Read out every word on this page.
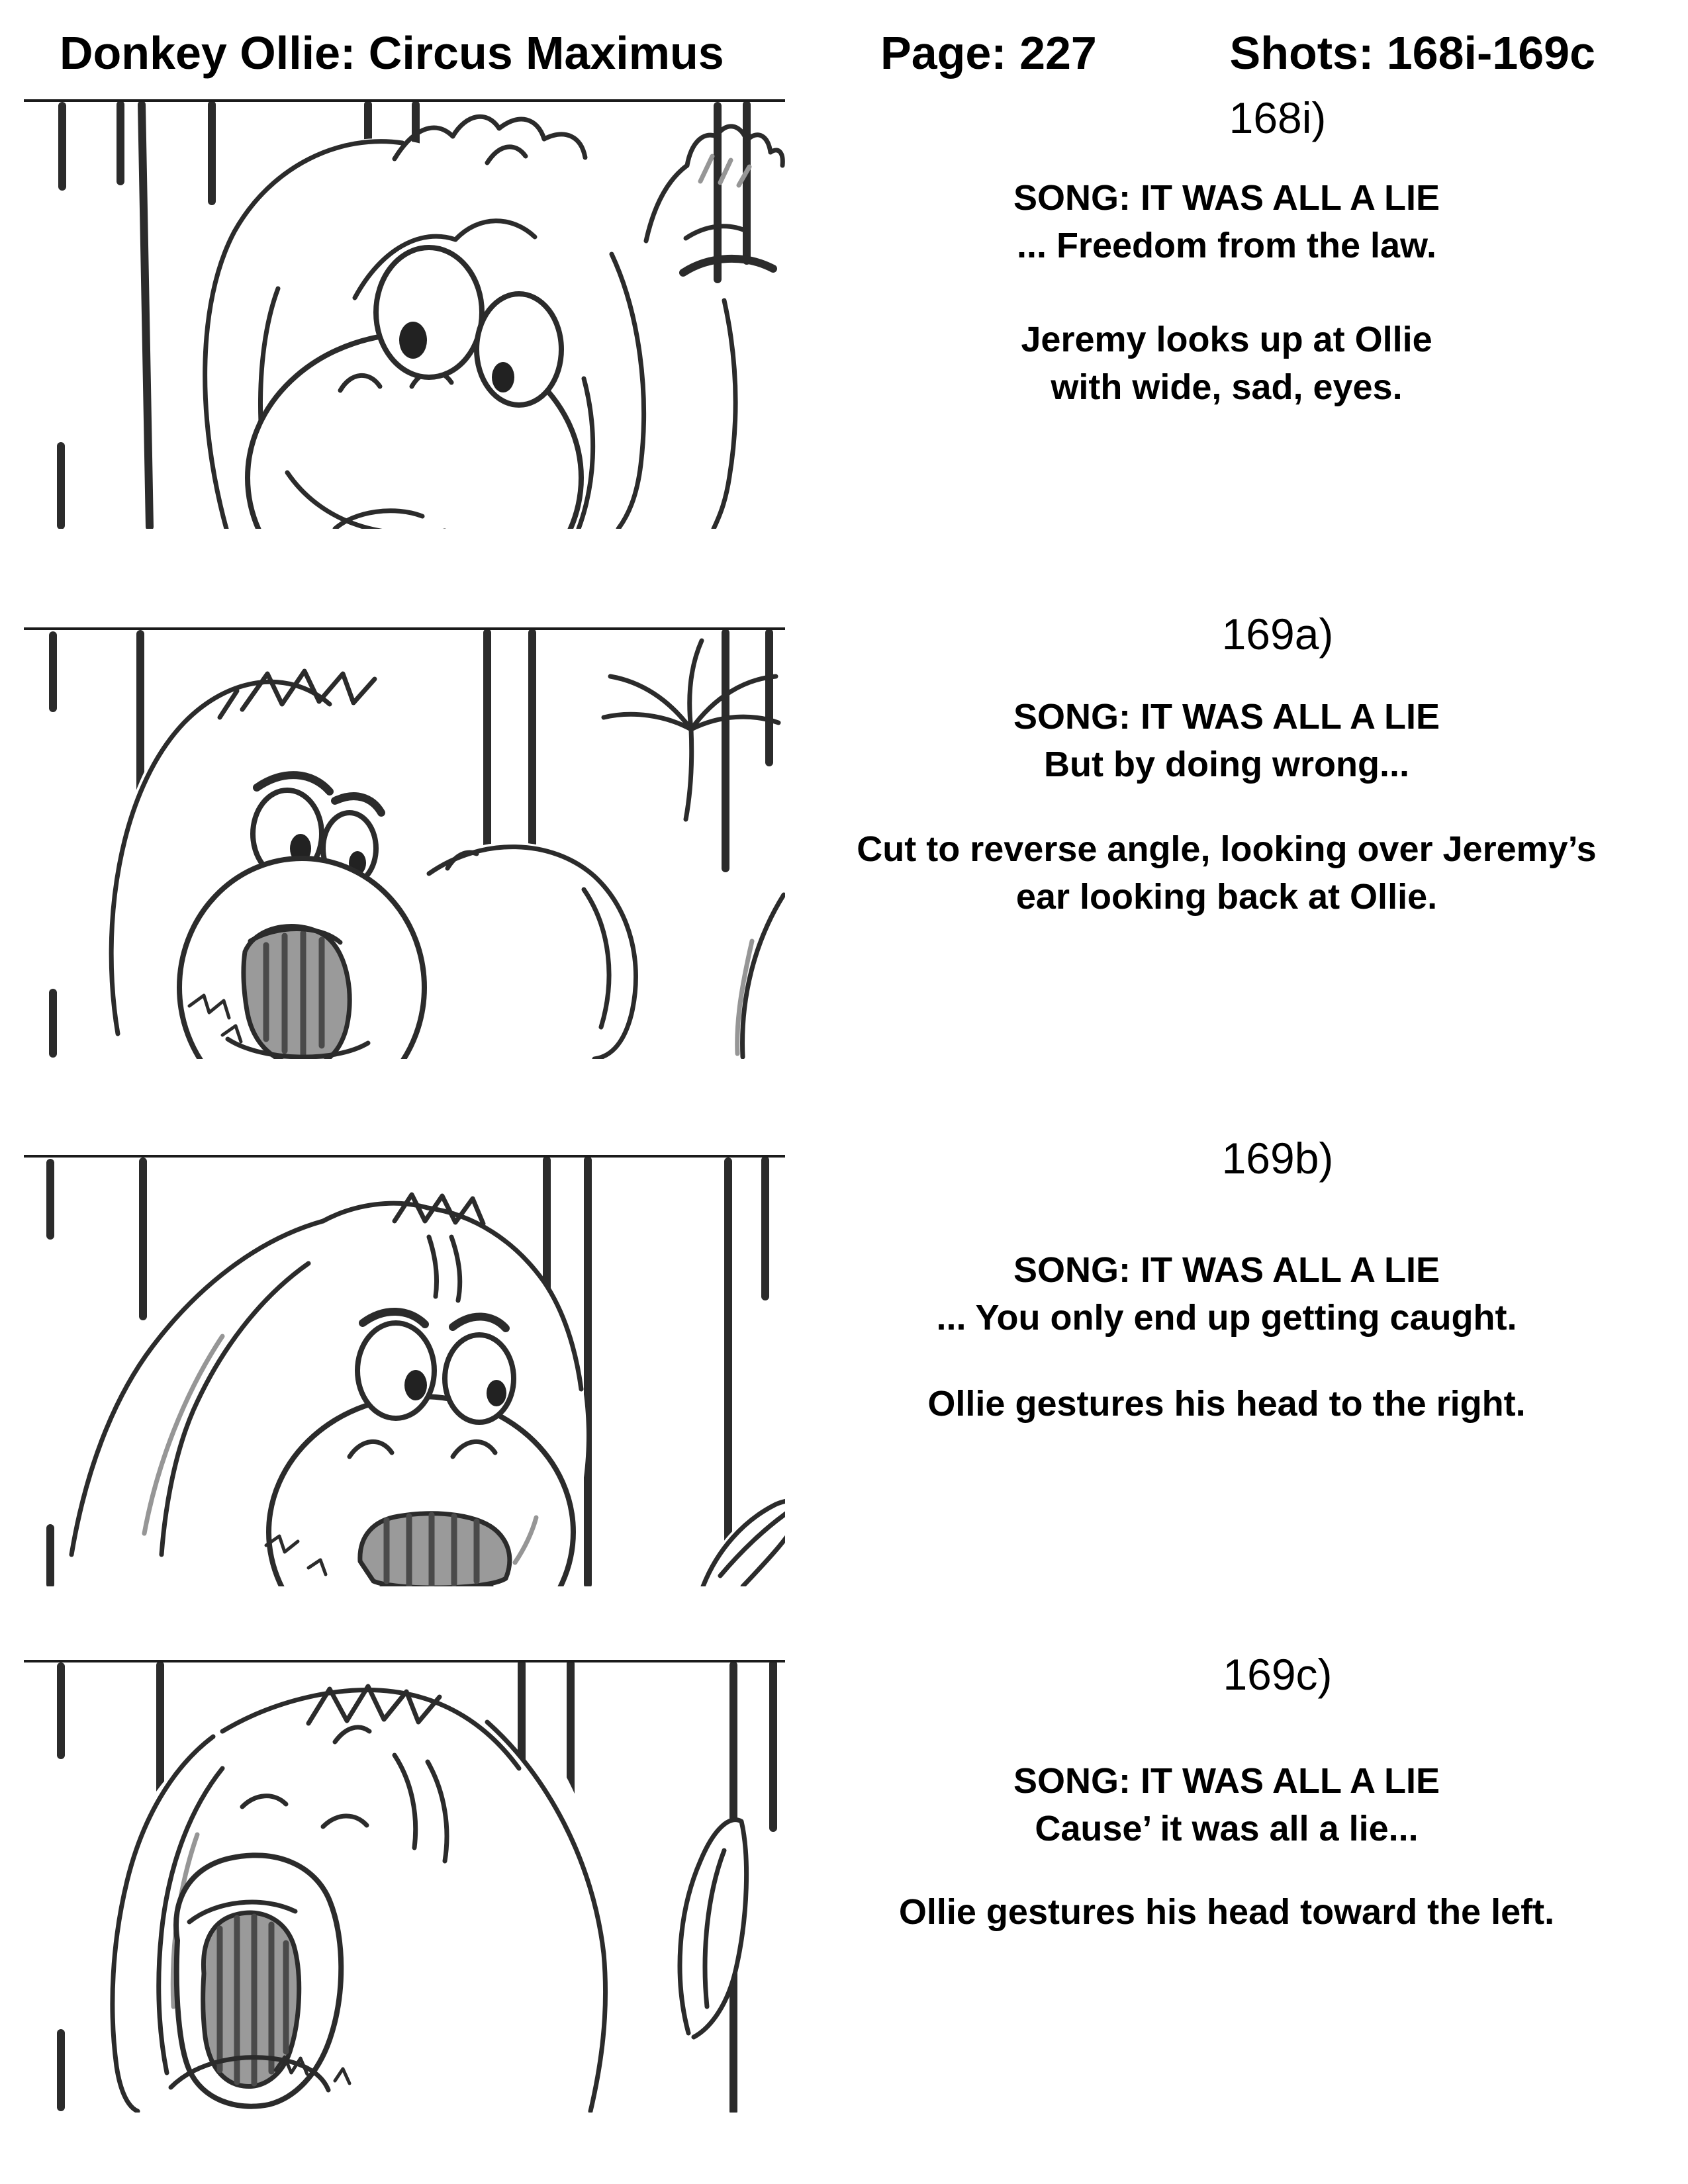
Donkey Ollie: Circus Maximus	Page: 227	Shots: 168i-169c
168i)
SONG: IT WAS ALL A LIE
... Freedom from the law.
Jeremy looks up at Ollie
with wide, sad, eyes.
169a)
SONG: IT WAS ALL A LIE
But by doing wrong...
Cut to reverse angle, looking over Jeremy’s
ear looking back at Ollie.
169b)
SONG: IT WAS ALL A LIE
... You only end up getting caught.
Ollie gestures his head to the right.
169c)
SONG: IT WAS ALL A LIE
Cause’ it was all a lie...
Ollie gestures his head toward the left.
